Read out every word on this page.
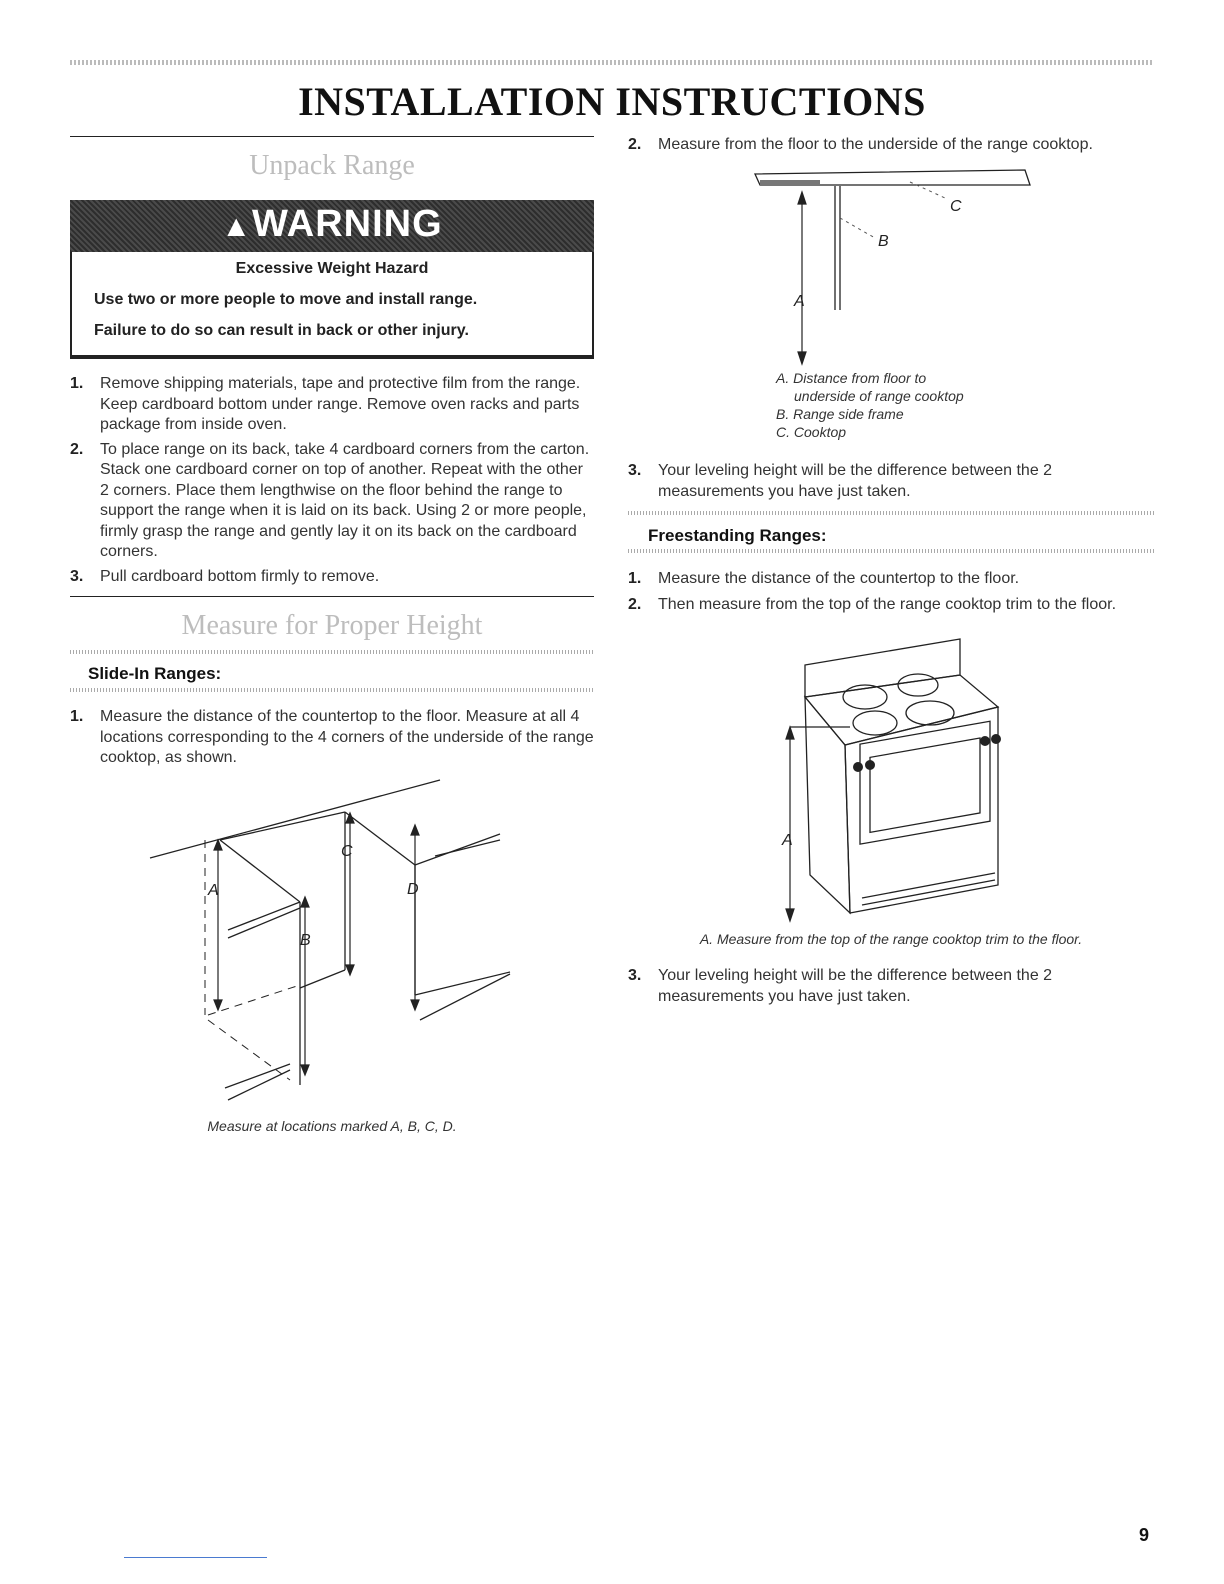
INSTALLATION INSTRUCTIONS
Unpack Range
▲WARNING

Excessive Weight Hazard

Use two or more people to move and install range.

Failure to do so can result in back or other injury.

1. Remove shipping materials, tape and protective film from the range. Keep cardboard bottom under range. Remove oven racks and parts package from inside oven.
2. To place range on its back, take 4 cardboard corners from the carton. Stack one cardboard corner on top of another. Repeat with the other 2 corners. Place them lengthwise on the floor behind the range to support the range when it is laid on its back. Using 2 or more people, firmly grasp the range and gently lay it on its back on the cardboard corners.
3. Pull cardboard bottom firmly to remove.
Measure for Proper Height
Slide-In Ranges:
1. Measure the distance of the countertop to the floor. Measure at all 4 locations corresponding to the 4 corners of the underside of the range cooktop, as shown.
A
B
C
D
Measure at locations marked A, B, C, D.
2. Measure from the floor to the underside of the range cooktop.
C
B
A
A. Distance from floor to
underside of range cooktop
B. Range side frame
C. Cooktop
3. Your leveling height will be the difference between the 2 measurements you have just taken.
Freestanding Ranges:
1. Measure the distance of the countertop to the floor.
2. Then measure from the top of the range cooktop trim to the floor.
A
A. Measure from the top of the range cooktop trim to the floor.
3. Your leveling height will be the difference between the 2 measurements you have just taken.
9
